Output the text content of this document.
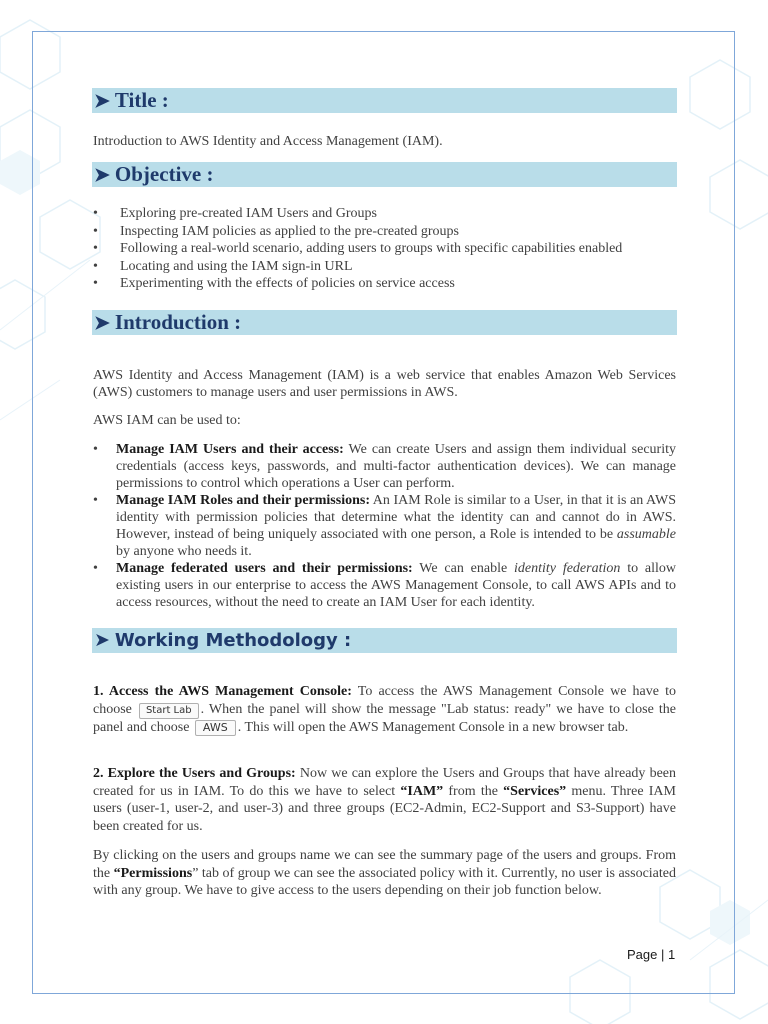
➤ Title :
Introduction to AWS Identity and Access Management (IAM).
➤ Objective :
• Exploring pre-created IAM Users and Groups
• Inspecting IAM policies as applied to the pre-created groups
• Following a real-world scenario, adding users to groups with specific capabilities enabled
• Locating and using the IAM sign-in URL
• Experimenting with the effects of policies on service access
➤ Introduction :
AWS Identity and Access Management (IAM) is a web service that enables Amazon Web Services (AWS) customers to manage users and user permissions in AWS.
AWS IAM can be used to:
• Manage IAM Users and their access: We can create Users and assign them individual security credentials (access keys, passwords, and multi-factor authentication devices). We can manage permissions to control which operations a User can perform.
• Manage IAM Roles and their permissions: An IAM Role is similar to a User, in that it is an AWS identity with permission policies that determine what the identity can and cannot do in AWS. However, instead of being uniquely associated with one person, a Role is intended to be assumable by anyone who needs it.
• Manage federated users and their permissions: We can enable identity federation to allow existing users in our enterprise to access the AWS Management Console, to call AWS APIs and to access resources, without the need to create an IAM User for each identity.
➤ Working Methodology :
1. Access the AWS Management Console: To access the AWS Management Console we have to choose Start Lab . When the panel will show the message "Lab status: ready" we have to close the panel and choose AWS . This will open the AWS Management Console in a new browser tab.
2. Explore the Users and Groups: Now we can explore the Users and Groups that have already been created for us in IAM. To do this we have to select “IAM” from the “Services” menu. Three IAM users (user-1, user-2, and user-3) and three groups (EC2-Admin, EC2-Support and S3-Support) have been created for us.
By clicking on the users and groups name we can see the summary page of the users and groups. From the “Permissions” tab of group we can see the associated policy with it. Currently, no user is associated with any group. We have to give access to the users depending on their job function below.
Page | 1
